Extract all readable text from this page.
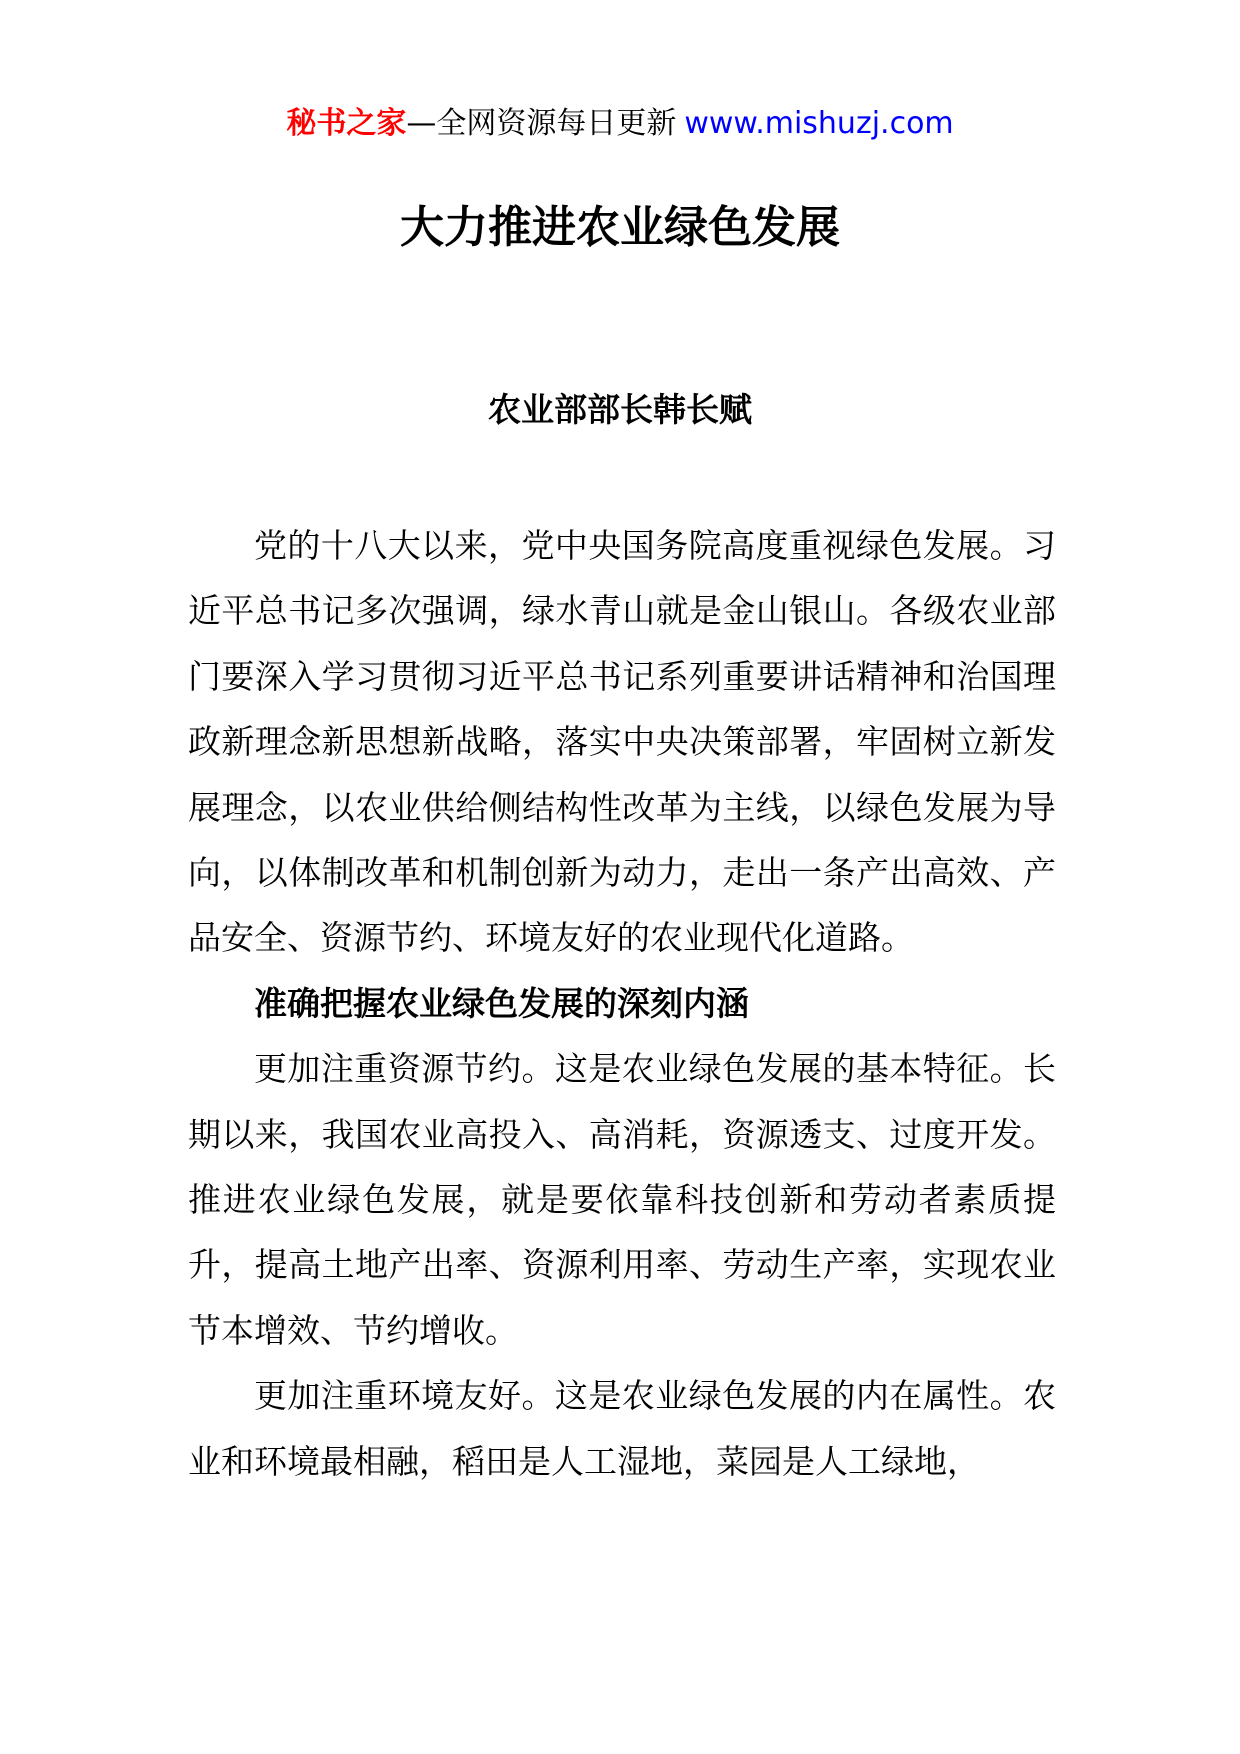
秘书之家—全网资源每日更新 www.mishuzj.com
大力推进农业绿色发展
农业部部长韩长赋

党的十八大以来，党中央国务院高度重视绿色发展。习近平总书记多次强调，绿水青山就是金山银山。各级农业部门要深入学习贯彻习近平总书记系列重要讲话精神和治国理政新理念新思想新战略，落实中央决策部署，牢固树立新发展理念，以农业供给侧结构性改革为主线，以绿色发展为导向，以体制改革和机制创新为动力，走出一条产出高效、产品安全、资源节约、环境友好的农业现代化道路。

准确把握农业绿色发展的深刻内涵

更加注重资源节约。这是农业绿色发展的基本特征。长期以来，我国农业高投入、高消耗，资源透支、过度开发。推进农业绿色发展，就是要依靠科技创新和劳动者素质提升，提高土地产出率、资源利用率、劳动生产率，实现农业节本增效、节约增收。

更加注重环境友好。这是农业绿色发展的内在属性。农业和环境最相融，稻田是人工湿地，菜园是人工绿地，
